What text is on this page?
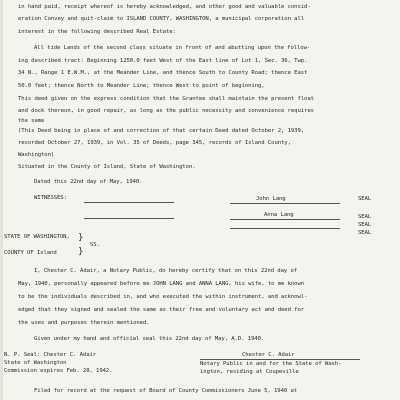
in hand paid, receipt whereof is hereby acknowledged, and other good and valuable consid-
eration Convey and quit-claim to ISLAND COUNTY, WASHINGTON, a municipal corporation all
interest in the following described Real Estate:
All tide Lands of the second class situate in front of and abutting upon the follow-
ing described tract: Beginning 1250.0 feet West of the East line of Lot 1, Sec. 36, Twp.
34 N., Range 1 E.W.M., at the Meander Line, and thence South to County Road; thence East
50.0 feet; thence North to Meander Line; thence West to point of beginning,
This deed given on the express condition that the Grantee shall maintain the present float
and dock thereon, in good repair, as long as the public necessity and convenience requires
the same
(This Deed being in place of and correction of that certain Deed dated October 2, 1939,
recorded October 27, 1939, in Vol. 35 of Deeds, page 345, records of Island County,
Washington)
Situated in the County of Island, State of Washington.
Dated this 22nd day of May, 1940.
WITNESSES:	John Lang	SEAL
Anna Lang	SEAL
SEAL
SEAL
STATE OF WASHINGTON, }
SS.
COUNTY OF Island }
I, Chester C. Adair, a Notary Public, do hereby certify that on this 22nd day of
May, 1940, personally appeared before me JOHN LANG and ANNA LANG, his wife, to me known
to be the individuals described in, and who executed the within instrument, and acknowl-
edged that they signed and sealed the same as their free and voluntary act and deed for
the uses and purposes therein mentioned.
Given under my hand and official seal this 22nd day of May, A.D. 1940.
N. P. Seal: Chester C. Adair
State of Washington
Commission expires Feb. 28, 1942.
Chester C. Adair
Notary Public in and for the State of Wash-
ington, residing at Coupeville
Filed for record at the request of Board of County Commissioners June 5, 1940 at
